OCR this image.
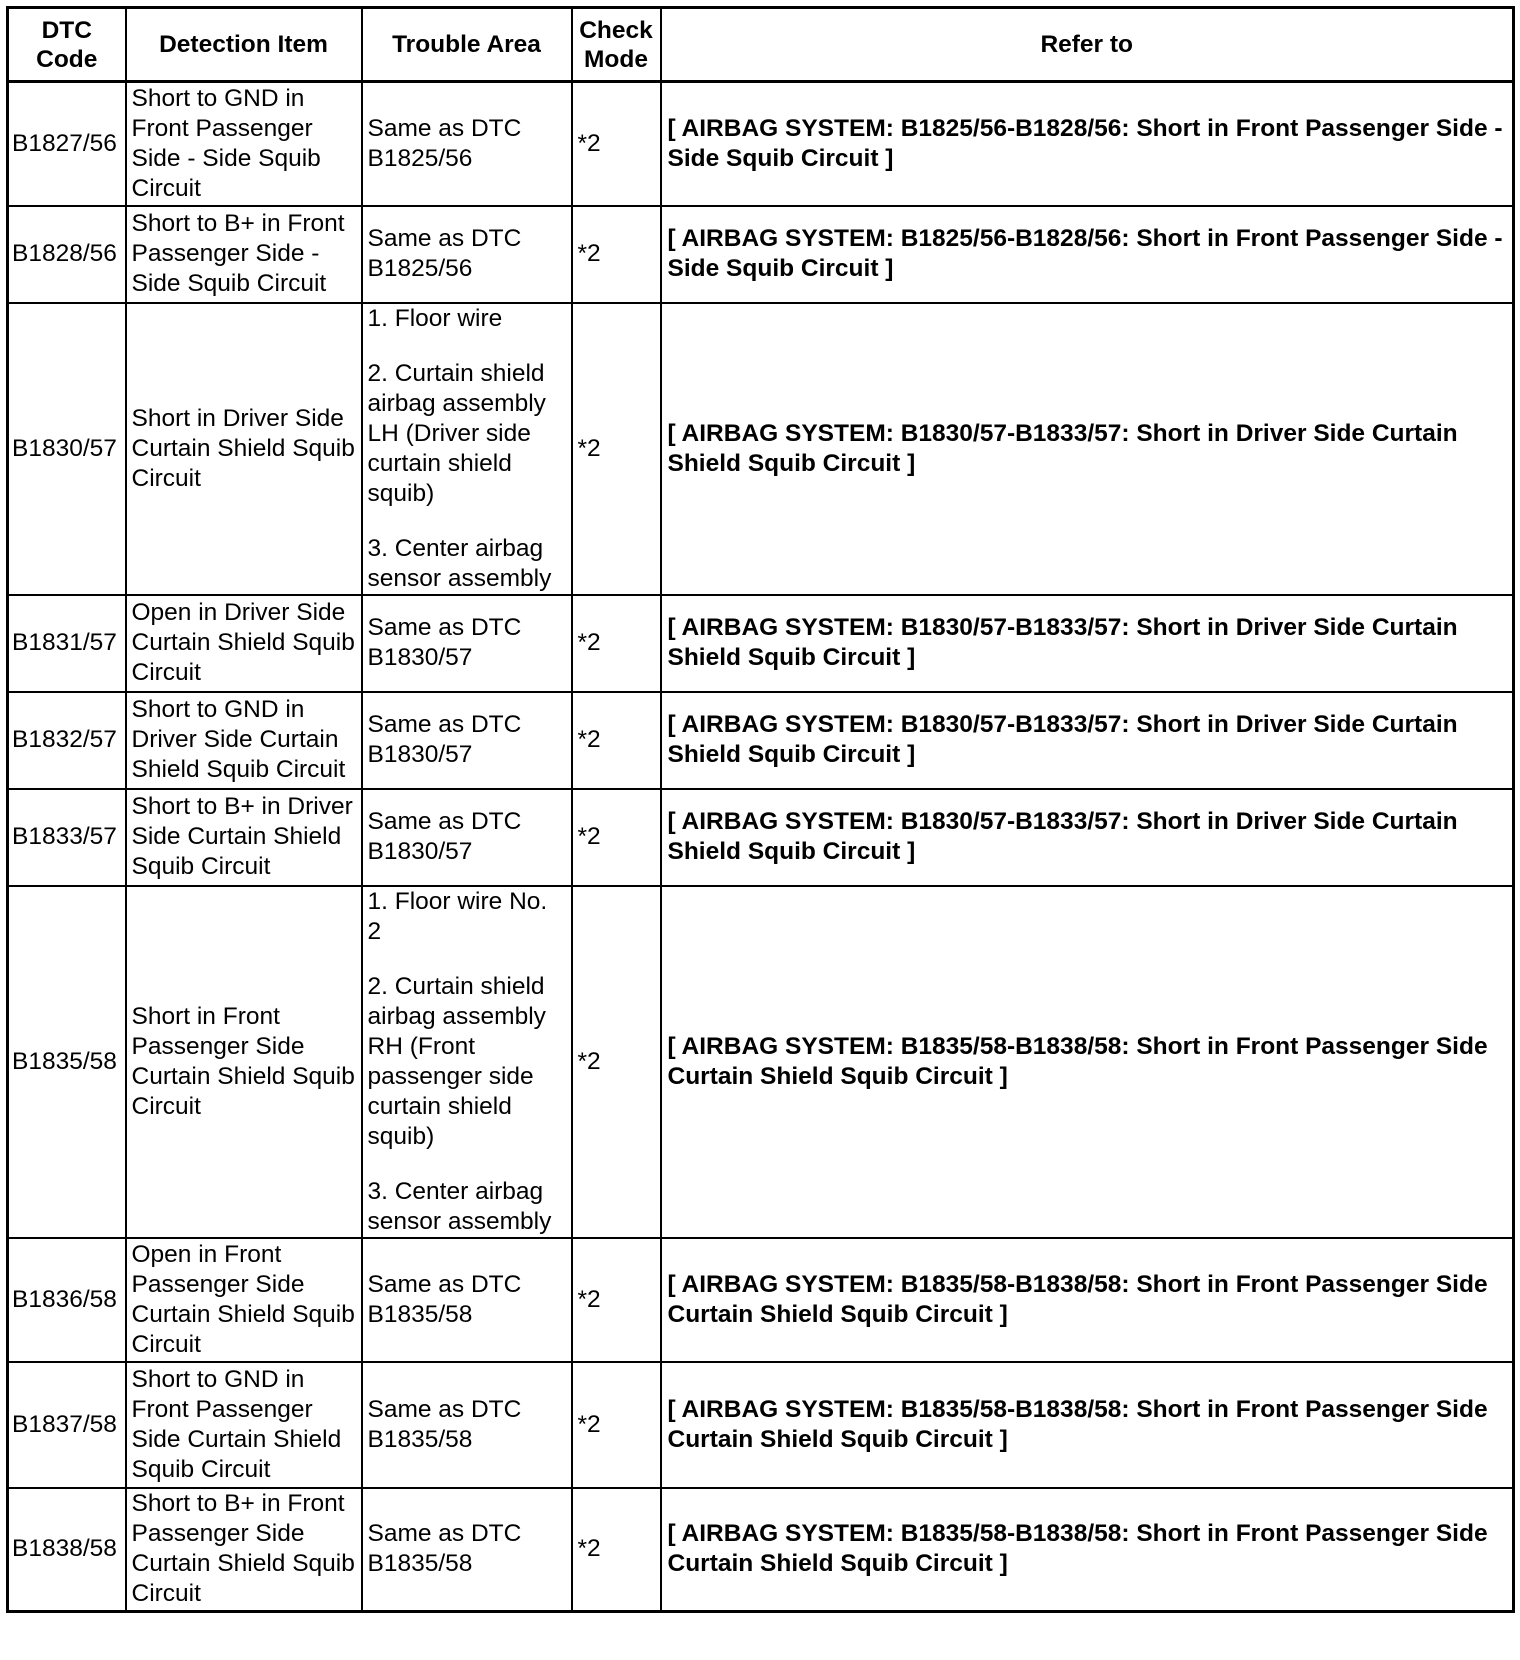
DTC Code	Detection Item	Trouble Area	Check Mode	Refer to
B1827/56	Short to GND in Front Passenger Side - Side Squib Circuit	Same as DTC B1825/56	*2	[ AIRBAG SYSTEM: B1825/56-B1828/56: Short in Front Passenger Side - Side Squib Circuit ]
B1828/56	Short to B+ in Front Passenger Side - Side Squib Circuit	Same as DTC B1825/56	*2	[ AIRBAG SYSTEM: B1825/56-B1828/56: Short in Front Passenger Side - Side Squib Circuit ]
B1830/57	Short in Driver Side Curtain Shield Squib Circuit	1. Floor wire
2. Curtain shield airbag assembly LH (Driver side curtain shield squib)
3. Center airbag sensor assembly	*2	[ AIRBAG SYSTEM: B1830/57-B1833/57: Short in Driver Side Curtain Shield Squib Circuit ]
B1831/57	Open in Driver Side Curtain Shield Squib Circuit	Same as DTC B1830/57	*2	[ AIRBAG SYSTEM: B1830/57-B1833/57: Short in Driver Side Curtain Shield Squib Circuit ]
B1832/57	Short to GND in Driver Side Curtain Shield Squib Circuit	Same as DTC B1830/57	*2	[ AIRBAG SYSTEM: B1830/57-B1833/57: Short in Driver Side Curtain Shield Squib Circuit ]
B1833/57	Short to B+ in Driver Side Curtain Shield Squib Circuit	Same as DTC B1830/57	*2	[ AIRBAG SYSTEM: B1830/57-B1833/57: Short in Driver Side Curtain Shield Squib Circuit ]
B1835/58	Short in Front Passenger Side Curtain Shield Squib Circuit	1. Floor wire No. 2
2. Curtain shield airbag assembly RH (Front passenger side curtain shield squib)
3. Center airbag sensor assembly	*2	[ AIRBAG SYSTEM: B1835/58-B1838/58: Short in Front Passenger Side Curtain Shield Squib Circuit ]
B1836/58	Open in Front Passenger Side Curtain Shield Squib Circuit	Same as DTC B1835/58	*2	[ AIRBAG SYSTEM: B1835/58-B1838/58: Short in Front Passenger Side Curtain Shield Squib Circuit ]
B1837/58	Short to GND in Front Passenger Side Curtain Shield Squib Circuit	Same as DTC B1835/58	*2	[ AIRBAG SYSTEM: B1835/58-B1838/58: Short in Front Passenger Side Curtain Shield Squib Circuit ]
B1838/58	Short to B+ in Front Passenger Side Curtain Shield Squib Circuit	Same as DTC B1835/58	*2	[ AIRBAG SYSTEM: B1835/58-B1838/58: Short in Front Passenger Side Curtain Shield Squib Circuit ]
